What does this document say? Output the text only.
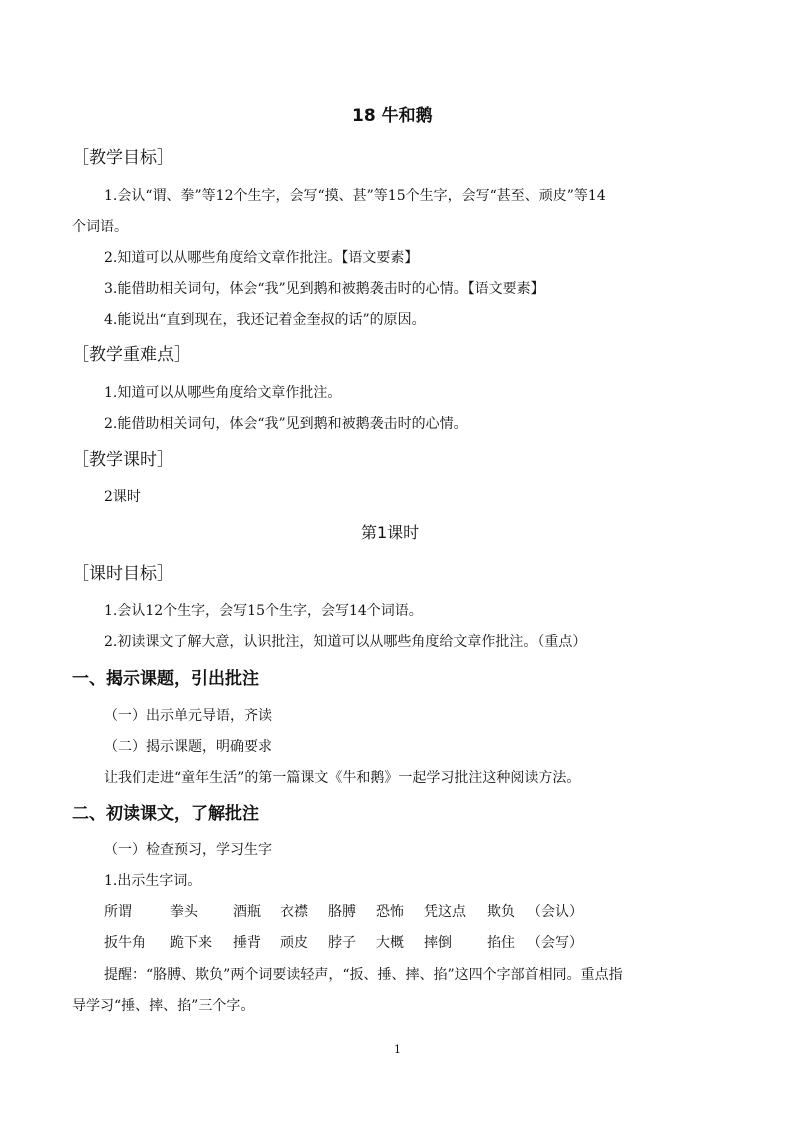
18 牛和鹅
［教学目标］
1.会认“谓、拳”等12个生字，会写“摸、甚”等15个生字，会写“甚至、顽皮”等14
个词语。
2.知道可以从哪些角度给文章作批注。【语文要素】
3.能借助相关词句，体会“我”见到鹅和被鹅袭击时的心情。【语文要素】
4.能说出“直到现在，我还记着金奎叔的话”的原因。
［教学重难点］
1.知道可以从哪些角度给文章作批注。
2.能借助相关词句，体会“我”见到鹅和被鹅袭击时的心情。
［教学课时］
2课时
第1课时
［课时目标］
1.会认12个生字，会写15个生字，会写14个词语。
2.初读课文了解大意，认识批注，知道可以从哪些角度给文章作批注。（重点）
一、揭示课题，引出批注
（一）出示单元导语，齐读
（二）揭示课题，明确要求
让我们走进“童年生活”的第一篇课文《牛和鹅》一起学习批注这种阅读方法。
二、初读课文，了解批注
（一）检查预习，学习生字
1.出示生字词。
所谓	拳头	酒瓶 衣襟 胳膊 恐怖 凭这点 欺负 （会认）
扳牛角 跪下来 捶背 顽皮 脖子 大概 摔倒	掐住 （会写）
提醒：“胳膊、欺负”两个词要读轻声，“扳、捶、摔、掐”这四个字部首相同。重点指
导学习“捶、摔、掐”三个字。
1
